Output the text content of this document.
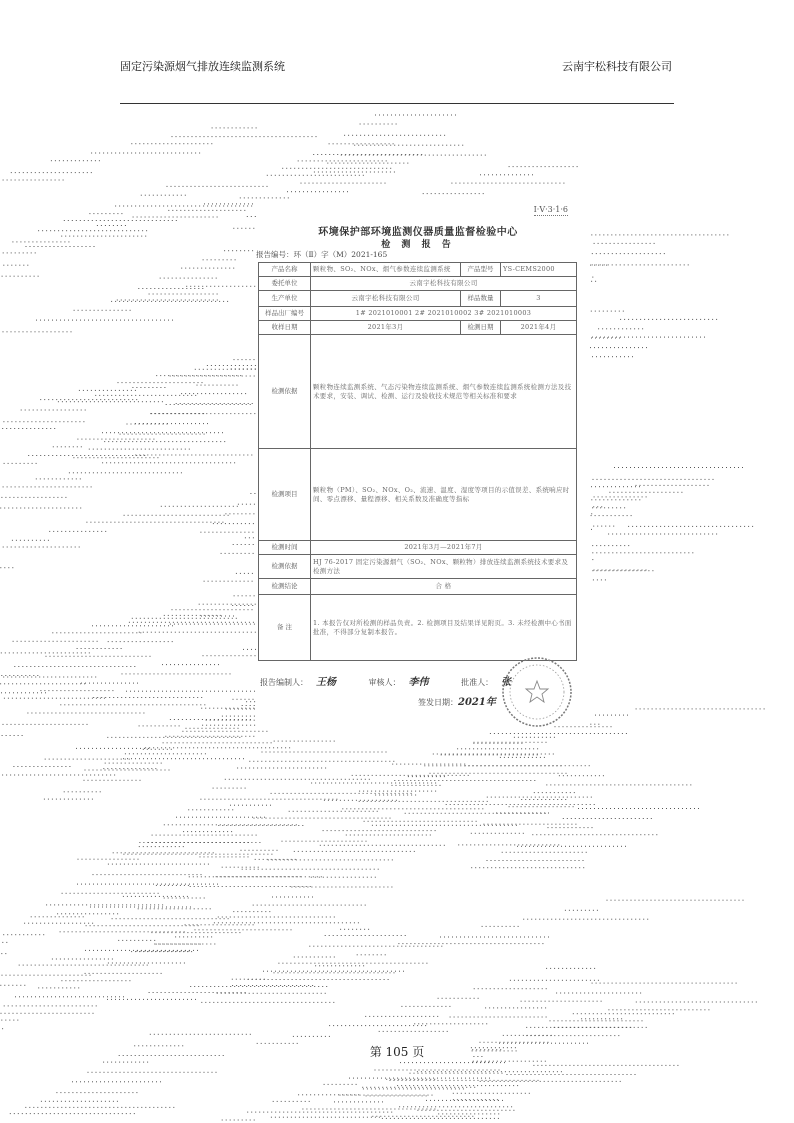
固定污染源烟气排放连续监测系统	云南宇松科技有限公司
Ⅰ·Ⅴ·3·1·6
环境保护部环境监测仪器质量监督检验中心
检 测 报 告
报告编号：环（Ⅱ）字（M）2021-165
产品名称	颗粒物、SO₂、NOx、烟气参数连续监测系统	产品型号	YS-CEMS2000
委托单位	云南宇松科技有限公司		
生产单位	云南宇松科技有限公司	样品数量	3
样品出厂编号	1# 2021010001 2# 2021010002 3# 2021010003		
收样日期	2021年3月	检测日期	2021年4月
检测依据	颗粒物连续监测系统、气态污染物连续监测系统、烟气参数连续监测系统检测方法及技术要求，安装、调试、检测、运行及验收技术规范等相关标准和要求		
检测项目	颗粒物（PM）、SO₂、NOx、O₂、流速、温度、湿度等项目的示值误差、系统响应时间、零点漂移、量程漂移、相关系数及准确度等指标		
检测时间	2021年3月—2021年7月		
检测依据	HJ 76-2017 固定污染源烟气（SO₂、NOx、颗粒物）排放连续监测系统技术要求及检测方法		
检测结论	合 格		
备 注	1. 本报告仅对所检测的样品负责。2. 检测项目及结果详见附页。3. 未经检测中心书面批准，不得部分复制本报告。		
报告编制人： 王杨	审核人： 李伟	批准人： 张
签发日期：2021年
第 105 页
